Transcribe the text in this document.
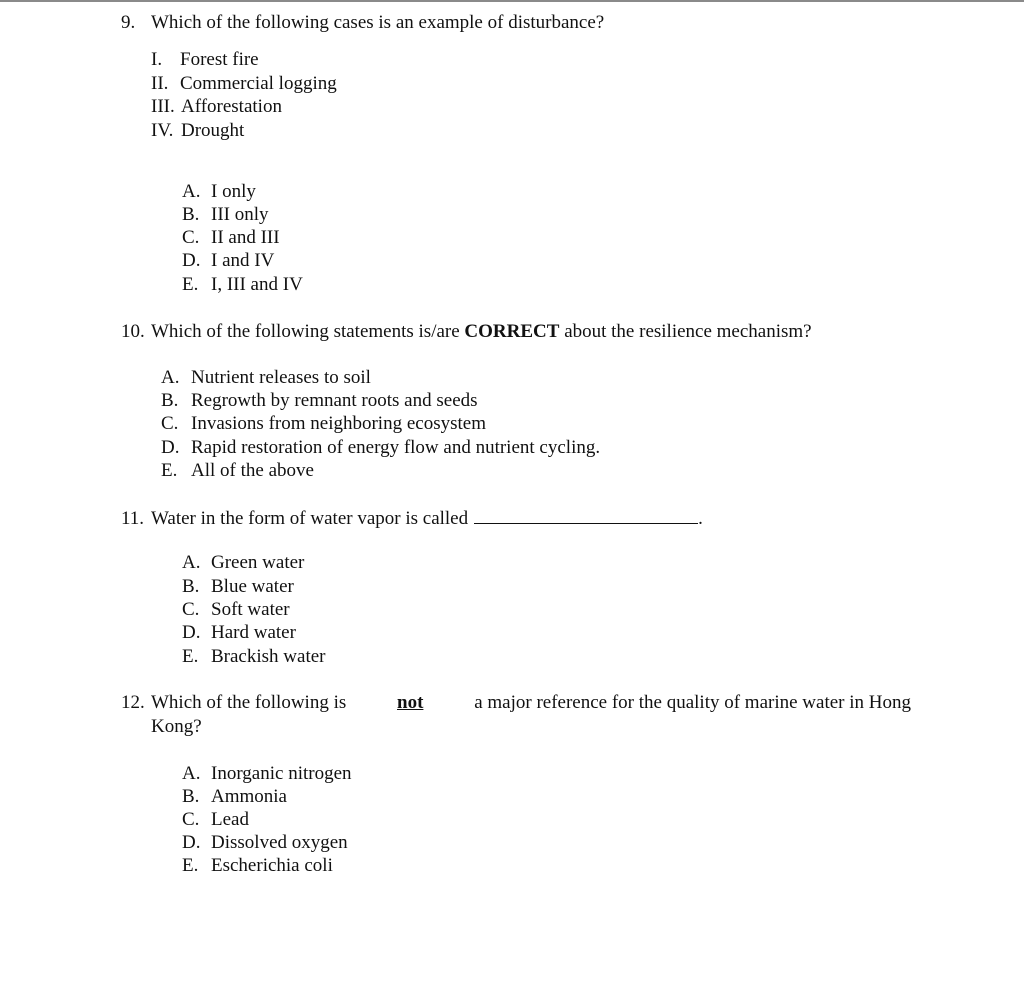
9. Which of the following cases is an example of disturbance?
I. Forest fire
II. Commercial logging
III. Afforestation
IV. Drought
A. I only
B. III only
C. II and III
D. I and IV
E. I, III and IV
10. Which of the following statements is/are CORRECT about the resilience mechanism?
A. Nutrient releases to soil
B. Regrowth by remnant roots and seeds
C. Invasions from neighboring ecosystem
D. Rapid restoration of energy flow and nutrient cycling.
E. All of the above
11. Water in the form of water vapor is called	.
A. Green water
B. Blue water
C. Soft water
D. Hard water
E. Brackish water
12. Which of the following is	not	a major reference for the quality of marine water in Hong
Kong?
A. Inorganic nitrogen
B. Ammonia
C. Lead
D. Dissolved oxygen
E. Escherichia coli
